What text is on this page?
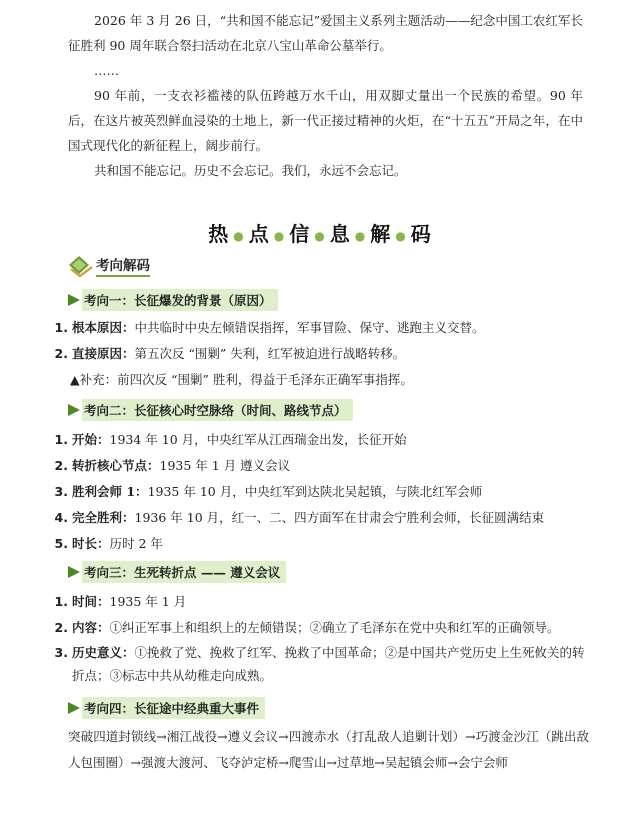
2026 年 3 月 26 日，“共和国不能忘记”爱国主义系列主题活动——纪念中国工农红军长征胜利 90 周年联合祭扫活动在北京八宝山革命公墓举行。

……

90 年前，一支衣衫褴褛的队伍跨越万水千山，用双脚丈量出一个民族的希望。90 年后，在这片被英烈鲜血浸染的土地上，新一代正接过精神的火炬，在“十五五”开局之年，在中国式现代化的新征程上，阔步前行。

共和国不能忘记。历史不会忘记。我们，永远不会忘记。

热 ● 点 ● 信 ● 息 ● 解 ● 码
考向解码
考向一：长征爆发的背景（原因）
1. 根本原因：中共临时中央左倾错误指挥，军事冒险、保守、逃跑主义交替。
2. 直接原因：第五次反 “围剿” 失利，红军被迫进行战略转移。
▲补充：前四次反 “围剿” 胜利，得益于毛泽东正确军事指挥。
考向二：长征核心时空脉络（时间、路线节点）
1. 开始：1934 年 10 月，中央红军从江西瑞金出发，长征开始
2. 转折核心节点：1935 年 1 月 遵义会议
3. 胜利会师 1：1935 年 10 月，中央红军到达陕北吴起镇，与陕北红军会师
4. 完全胜利：1936 年 10 月，红一、二、四方面军在甘肃会宁胜利会师，长征圆满结束
5. 时长：历时 2 年
考向三：生死转折点 —— 遵义会议
1. 时间：1935 年 1 月
2. 内容：①纠正军事上和组织上的左倾错误；②确立了毛泽东在党中央和红军的正确领导。
3. 历史意义：①挽救了党、挽救了红军、挽救了中国革命；②是中国共产党历史上生死攸关的转折点；③标志中共从幼稚走向成熟。
考向四：长征途中经典重大事件
突破四道封锁线→湘江战役→遵义会议→四渡赤水（打乱敌人追剿计划）→巧渡金沙江（跳出敌人包围圈）→强渡大渡河、飞夺泸定桥→爬雪山→过草地→吴起镇会师→会宁会师
